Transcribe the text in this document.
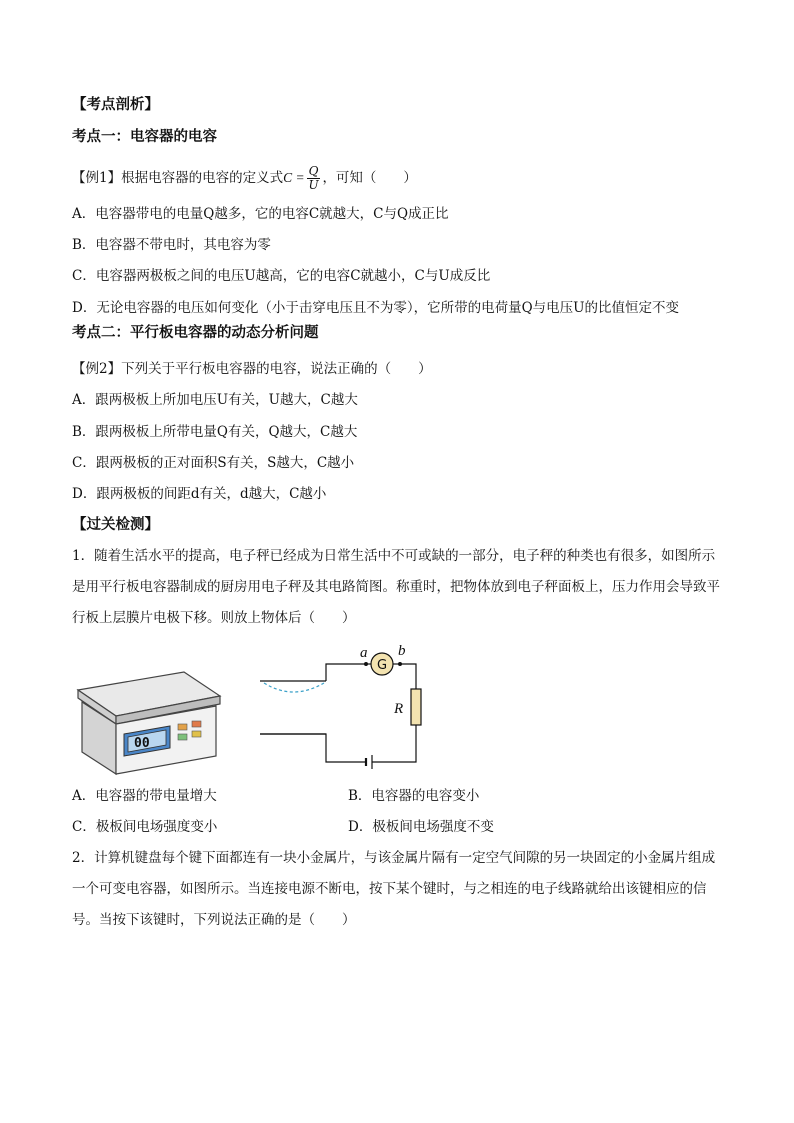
【考点剖析】
考点一：电容器的电容
【例1】根据电容器的电容的定义式$C = \frac{Q}{U}$ ，可知（　　）
A．电容器带电的电量Q越多，它的电容C就越大，C与Q成正比
B．电容器不带电时，其电容为零
C．电容器两极板之间的电压U越高，它的电容C就越小，C与U成反比
D．无论电容器的电压如何变化（小于击穿电压且不为零），它所带的电荷量Q与电压U的比值恒定不变
考点二：平行板电容器的动态分析问题
【例2】下列关于平行板电容器的电容，说法正确的（　　）
A．跟两极板上所加电压U有关，U越大，C越大
B．跟两极板上所带电量Q有关，Q越大，C越大
C．跟两极板的正对面积S有关，S越大，C越小
D．跟两极板的间距d有关，d越大，C越小
【过关检测】
1．随着生活水平的提高，电子秤已经成为日常生活中不可或缺的一部分，电子秤的种类也有很多，如图所示是用平行板电容器制成的厨房用电子秤及其电路简图。称重时，把物体放到电子秤面板上，压力作用会导致平行板上层膜片电极下移。则放上物体后（　　）
00
G
a b
R
A．电容器的带电量增大	B．电容器的电容变小
C．极板间电场强度变小	D．极板间电场强度不变
2．计算机键盘每个键下面都连有一块小金属片，与该金属片隔有一定空气间隙的另一块固定的小金属片组成一个可变电容器，如图所示。当连接电源不断电，按下某个键时，与之相连的电子线路就给出该键相应的信号。当按下该键时，下列说法正确的是（　　）
